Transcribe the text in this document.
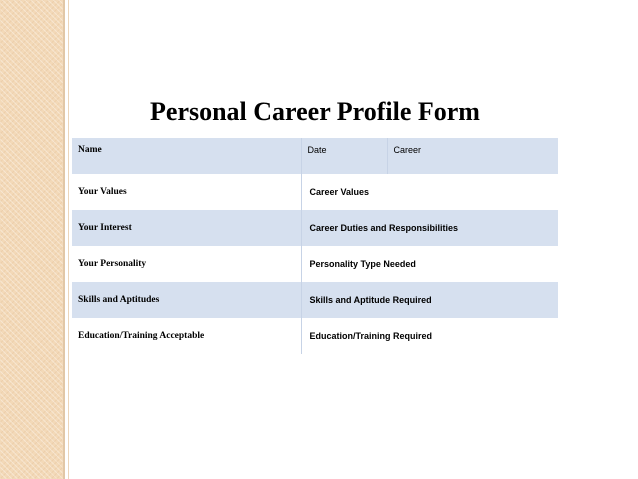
Personal Career Profile Form
Name	Date	Career
Your Values	Career Values	
Your Interest	Career Duties and Responsibilities	
Your Personality	Personality Type Needed	
Skills and Aptitudes	Skills and Aptitude Required	
Education/Training Acceptable	Education/Training Required	
